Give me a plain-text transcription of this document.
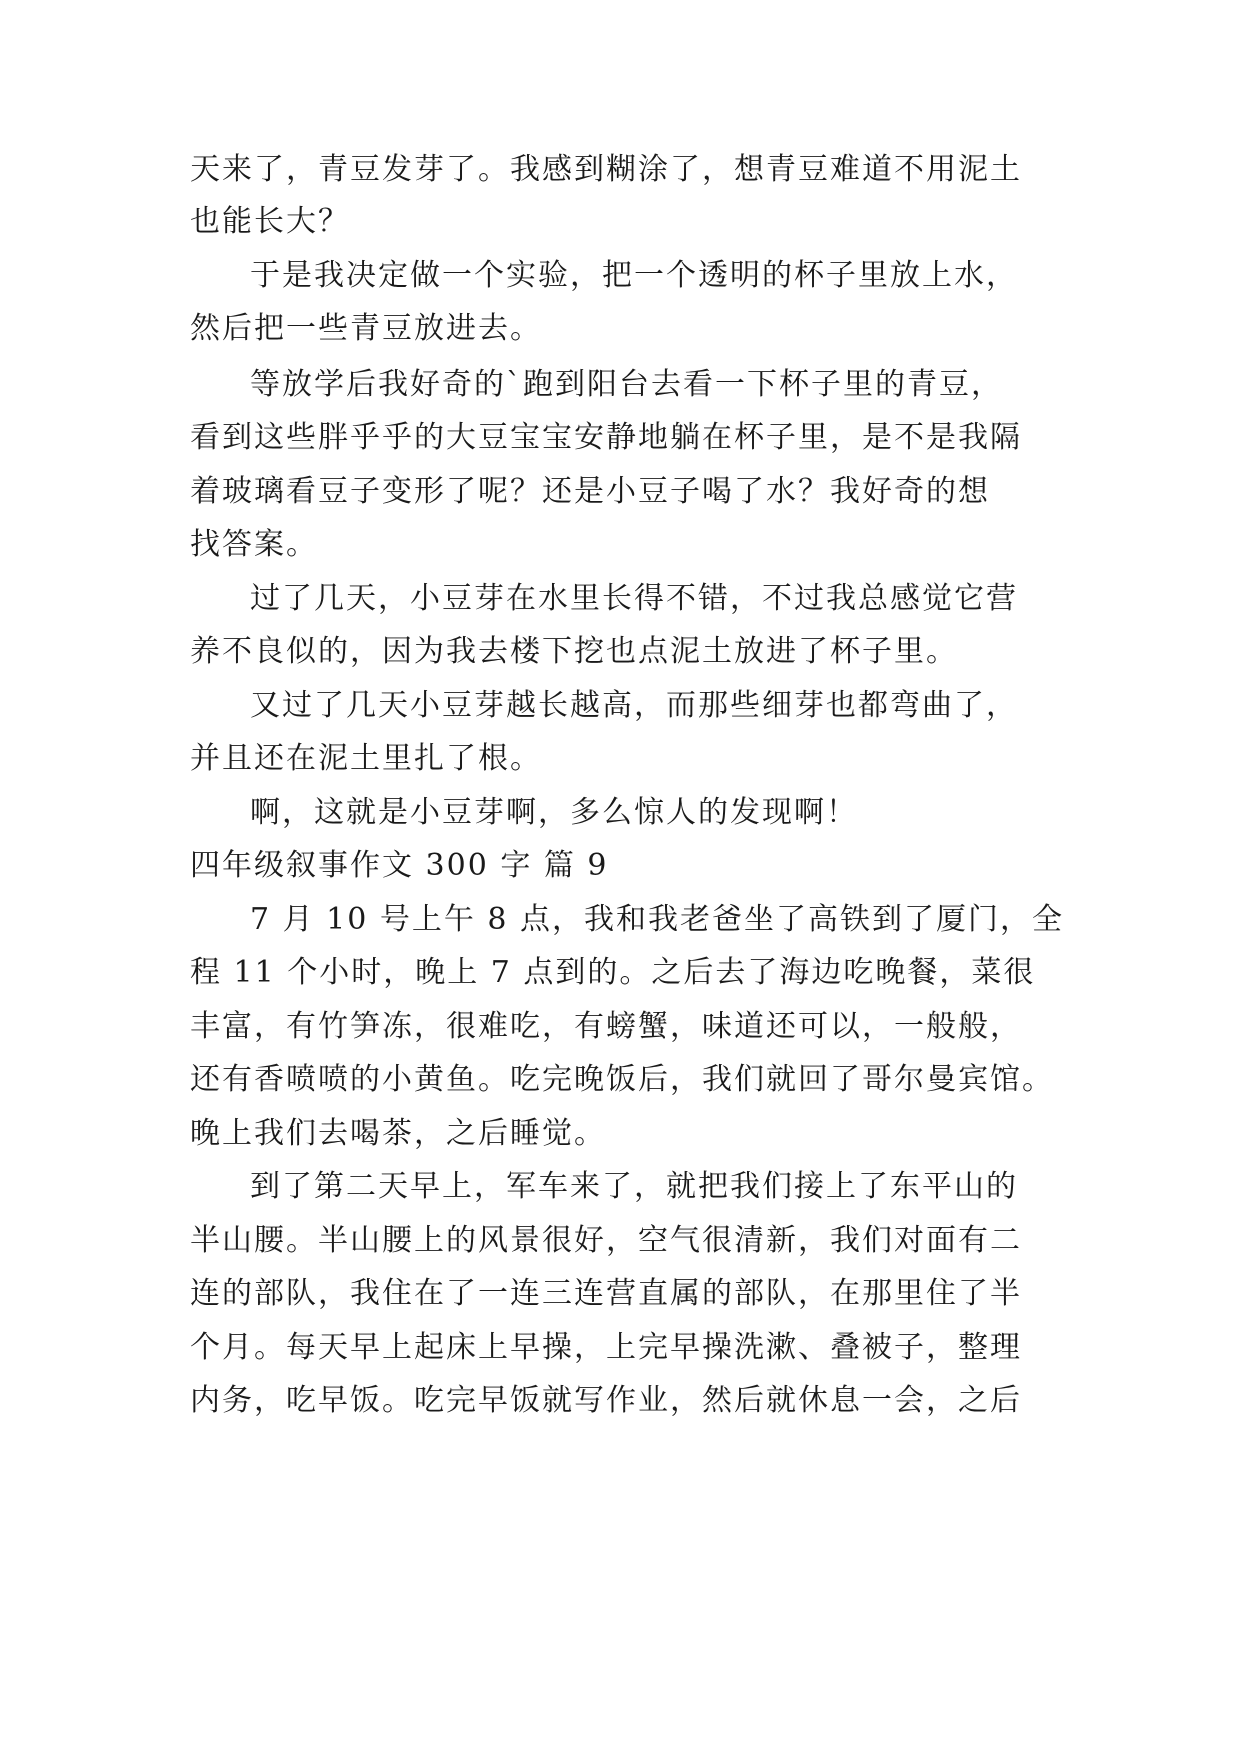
天来了，青豆发芽了。我感到糊涂了，想青豆难道不用泥土
也能长大？
于是我决定做一个实验，把一个透明的杯子里放上水，
然后把一些青豆放进去。
等放学后我好奇的`跑到阳台去看一下杯子里的青豆，
看到这些胖乎乎的大豆宝宝安静地躺在杯子里，是不是我隔
着玻璃看豆子变形了呢？还是小豆子喝了水？我好奇的想
找答案。
过了几天，小豆芽在水里长得不错，不过我总感觉它营
养不良似的，因为我去楼下挖也点泥土放进了杯子里。
又过了几天小豆芽越长越高，而那些细芽也都弯曲了，
并且还在泥土里扎了根。
啊，这就是小豆芽啊，多么惊人的发现啊！
四年级叙事作文 300 字 篇 9
7 月 10 号上午 8 点，我和我老爸坐了高铁到了厦门，全
程 11 个小时，晚上 7 点到的。之后去了海边吃晚餐，菜很
丰富，有竹笋冻，很难吃，有螃蟹，味道还可以，一般般，
还有香喷喷的小黄鱼。吃完晚饭后，我们就回了哥尔曼宾馆。
晚上我们去喝茶，之后睡觉。
到了第二天早上，军车来了，就把我们接上了东平山的
半山腰。半山腰上的风景很好，空气很清新，我们对面有二
连的部队，我住在了一连三连营直属的部队，在那里住了半
个月。每天早上起床上早操，上完早操洗漱、叠被子，整理
内务，吃早饭。吃完早饭就写作业，然后就休息一会，之后
